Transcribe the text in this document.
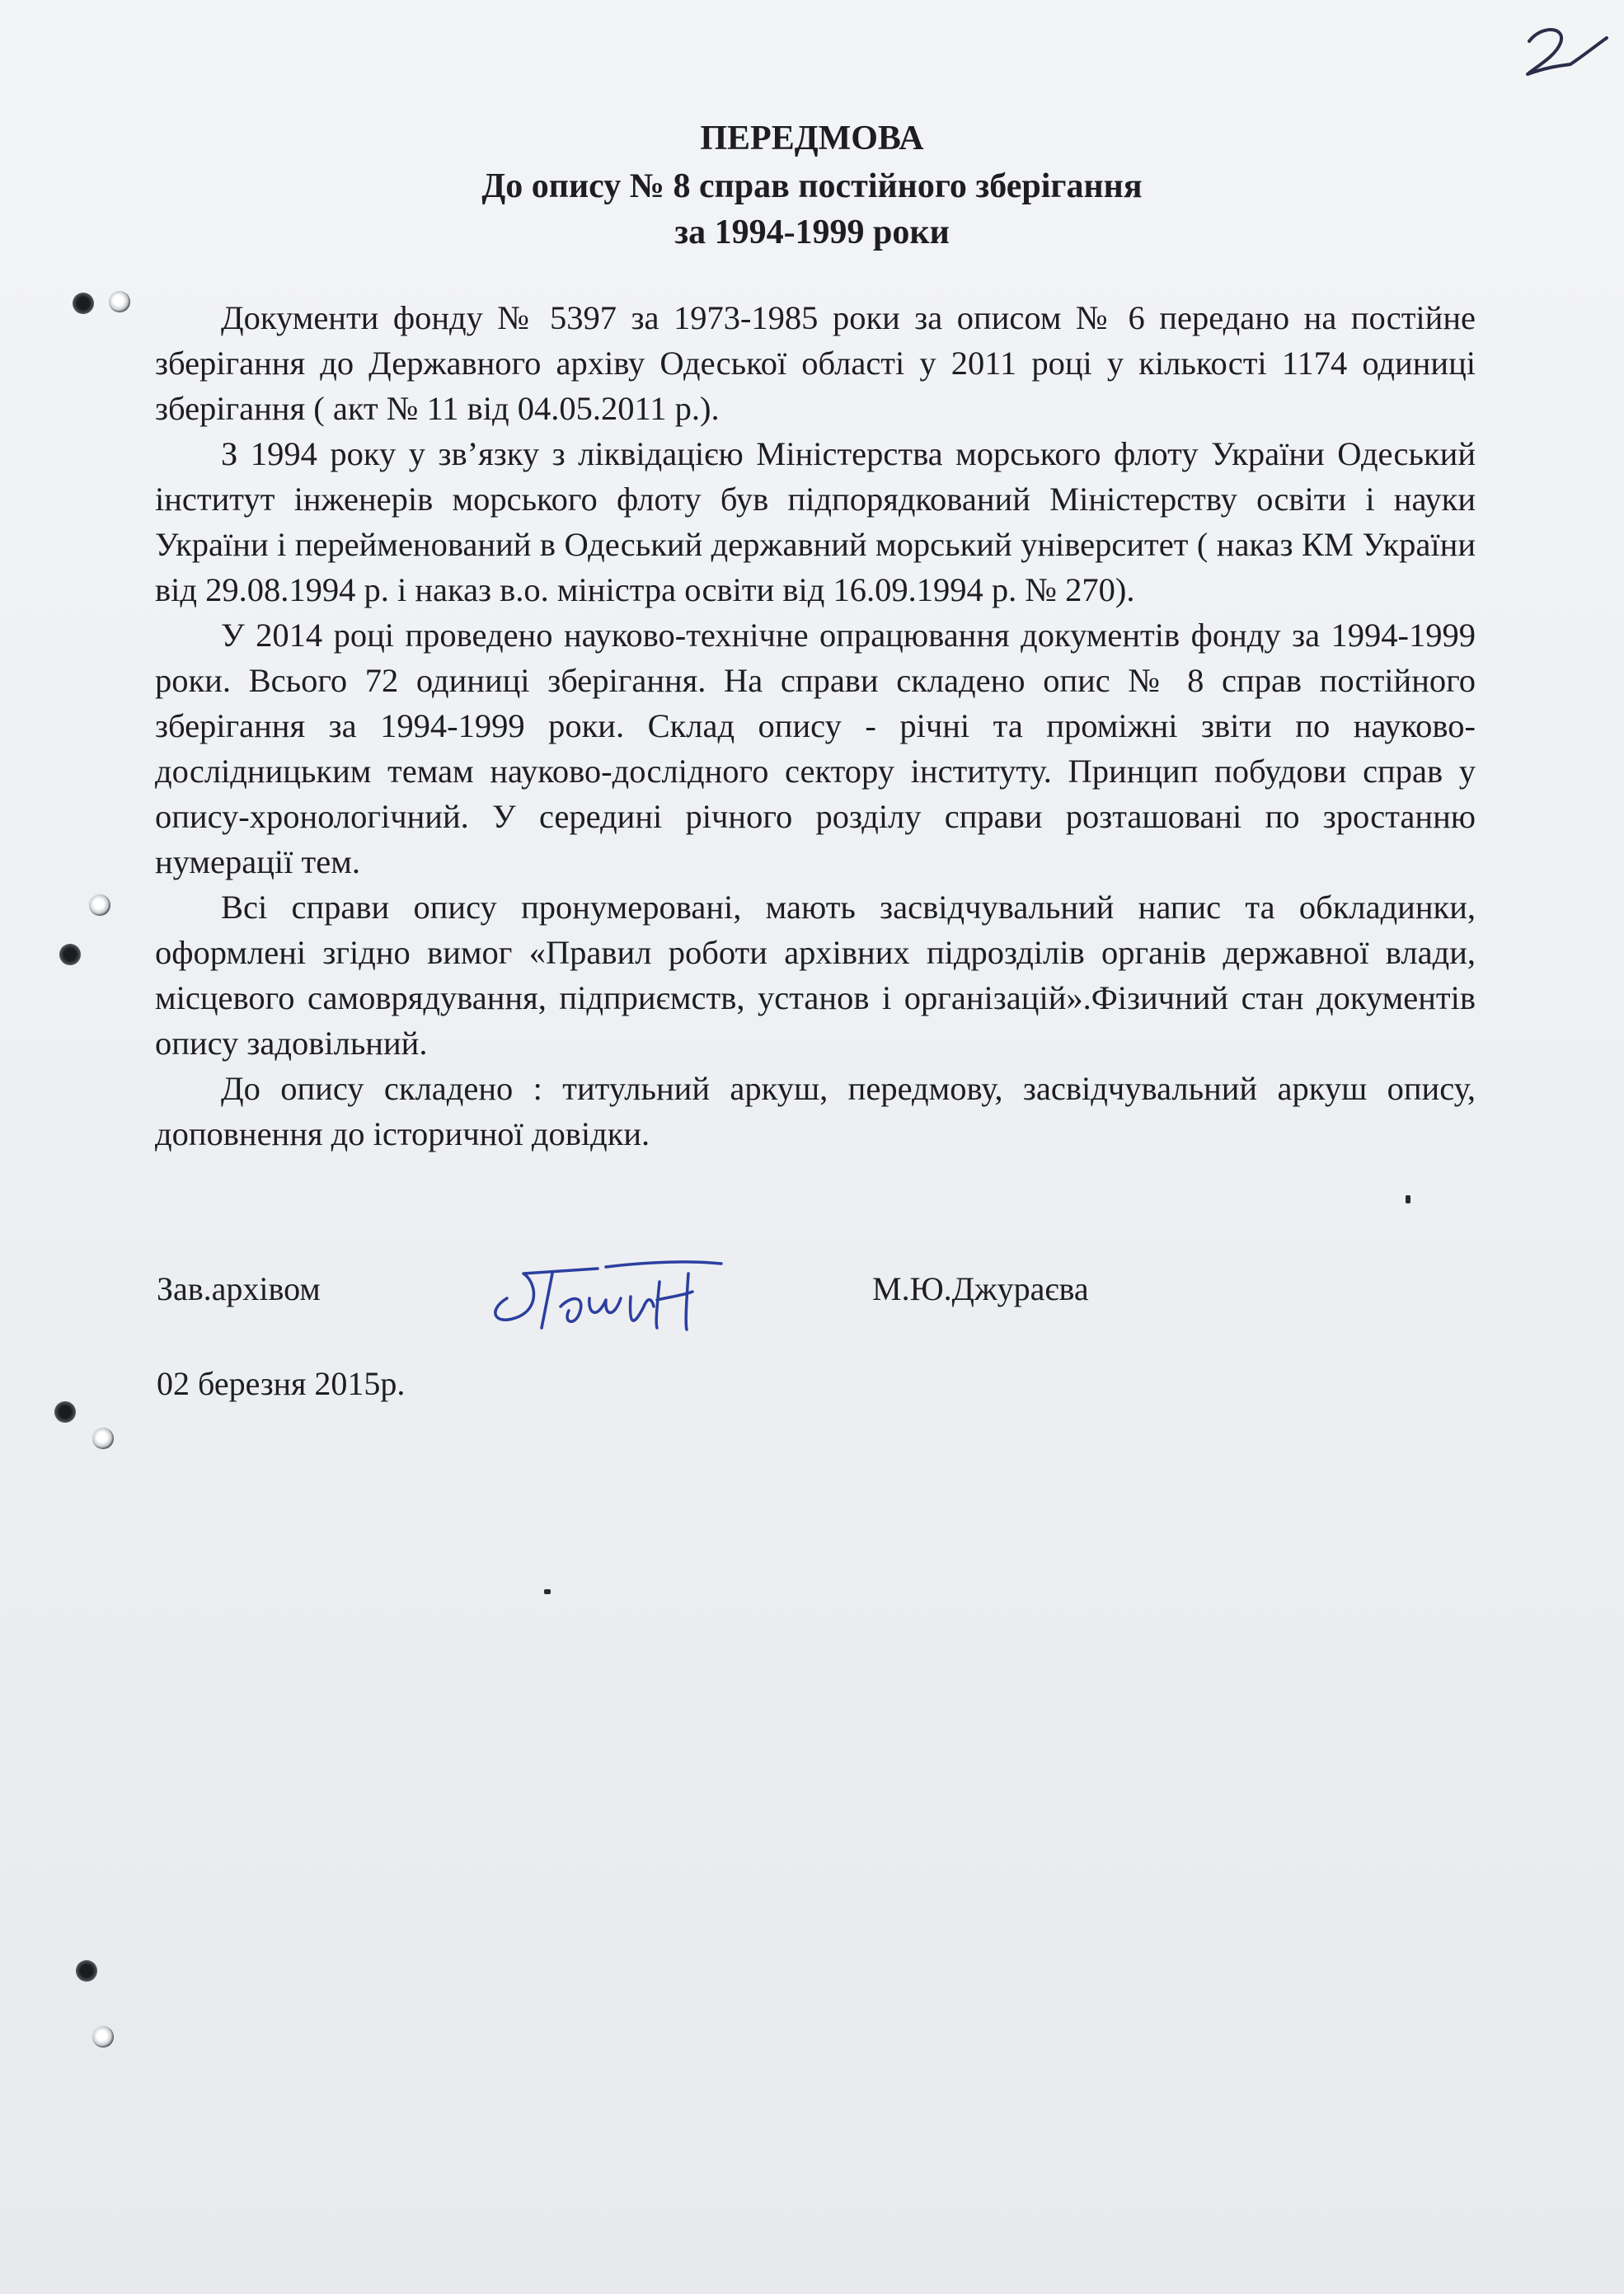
ПЕРЕДМОВА
До опису № 8 справ постійного зберігання
за 1994-1999 роки

Документи фонду № 5397 за 1973-1985 роки за описом № 6 передано на постійне зберігання до Державного архіву Одеської області у 2011 році у кількості 1174 одиниці зберігання ( акт № 11 від 04.05.2011 р.).

З 1994 року у зв’язку з ліквідацією Міністерства морського флоту України Одеський інститут інженерів морського флоту був підпорядкований Міністерству освіти і науки України і перейменований в Одеський державний морський університет ( наказ КМ України від 29.08.1994 р. і наказ в.о. міністра освіти від 16.09.1994 р. № 270).

У 2014 році проведено науково-технічне опрацювання документів фонду за 1994-1999 роки. Всього 72 одиниці зберігання. На справи складено опис № 8 справ постійного зберігання за 1994-1999 роки. Склад опису - річні та проміжні звіти по науково-дослідницьким темам науково-дослідного сектору інституту. Принцип побудови справ у опису-хронологічний. У середині річного розділу справи розташовані по зростанню нумерації тем.

Всі справи опису пронумеровані, мають засвідчувальний напис та обкладинки, оформлені згідно вимог «Правил роботи архівних підрозділів органів державної влади, місцевого самоврядування, підприємств, установ і організацій».Фізичний стан документів опису задовільний.

До опису складено : титульний аркуш, передмову, засвідчувальний аркуш опису, доповнення до історичної довідки.

Зав.архівом	М.Ю.Джураєва
02 березня 2015р.
